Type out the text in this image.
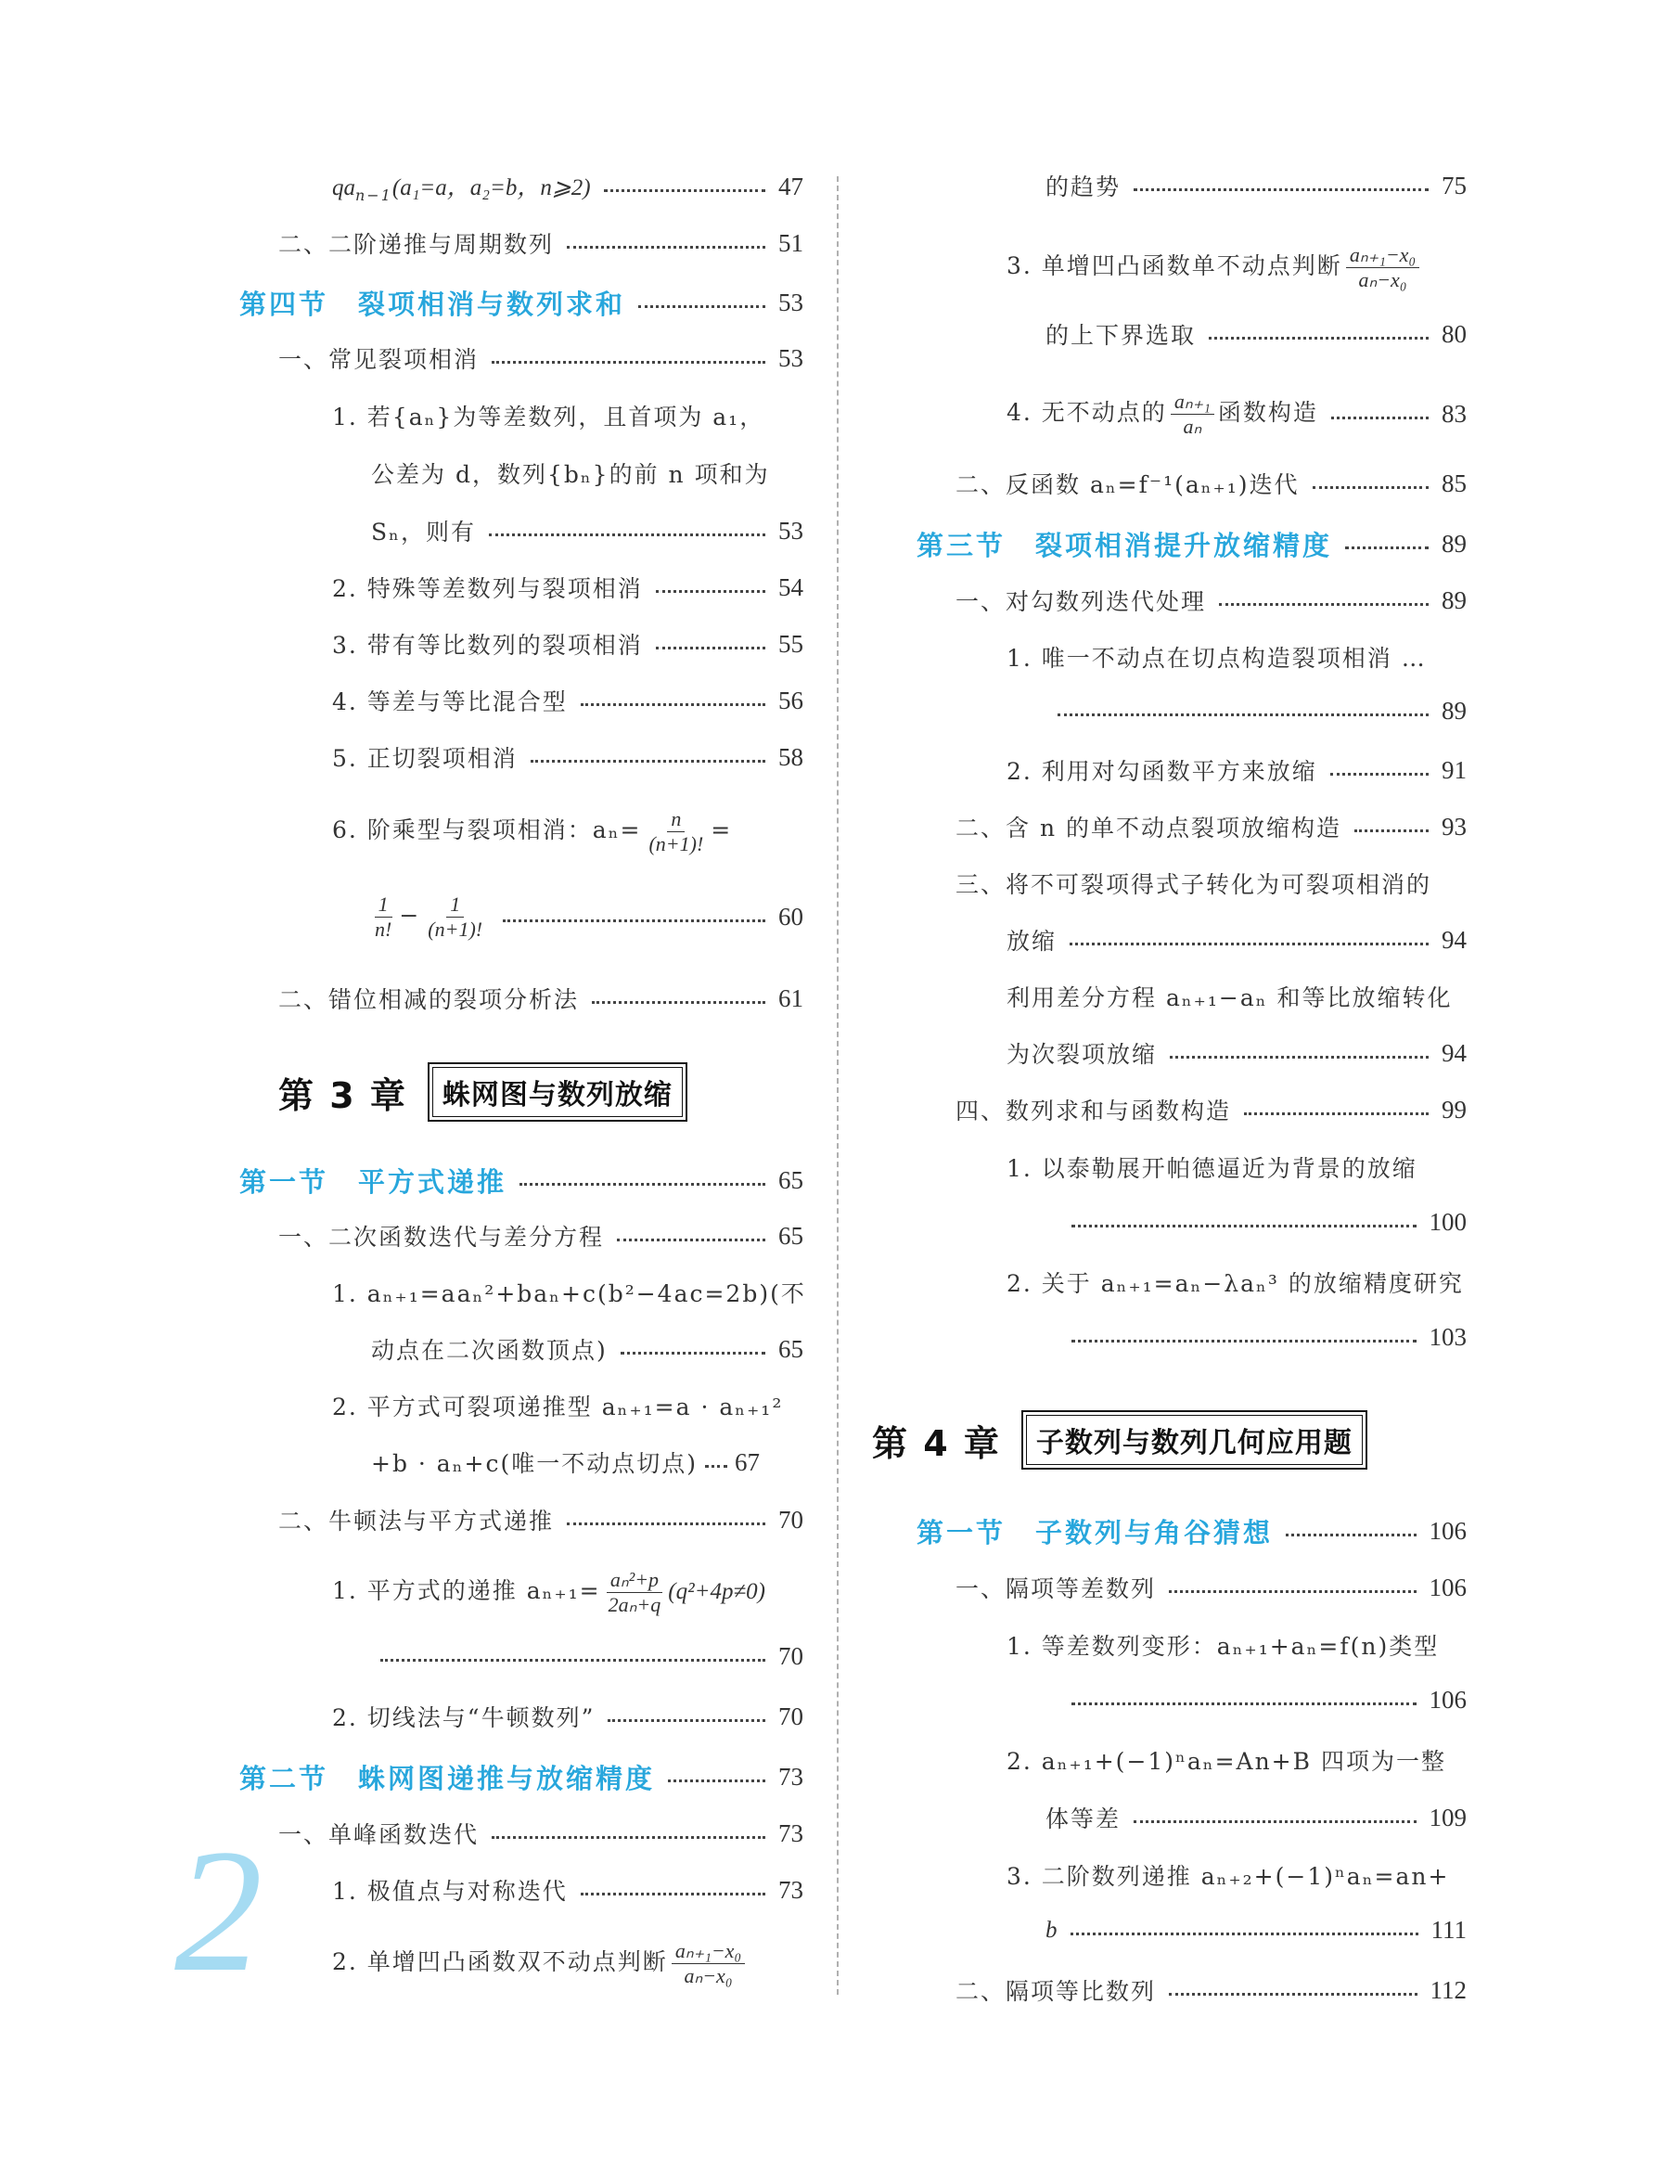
$qa_{n-1}(a_1=a$，a₂=b，n⩾2)	47
二、二阶递推与周期数列	51
第四节　裂项相消与数列求和	53
一、常见裂项相消	53
1. 若{aₙ}为等差数列，且首项为 a₁，
公差为 d，数列{bₙ}的前 n 项和为
Sₙ，则有	53
2. 特殊等差数列与裂项相消	54
3. 带有等比数列的裂项相消	55
4. 等差与等比混合型	56
5. 正切裂项相消	58
6. 阶乘型与裂项相消：$a_n= \frac{n}{(n+1)!}$ =
$\frac{1}{n!} - \frac{1}{(n+1)!}$	60
二、错位相减的裂项分析法	61
第 3 章	蛛网图与数列放缩
第一节　平方式递推	65
一、二次函数迭代与差分方程	65
1. aₙ₊₁=aaₙ²+baₙ+c(b²−4ac=2b)(不
动点在二次函数顶点)	65
2. 平方式可裂项递推型 aₙ₊₁=a · aₙ₊₁²
+b · aₙ+c(唯一不动点切点) 67
二、牛顿法与平方式递推	70
1. 平方式的递推 $a_{n+1}= \frac{\text{aₙ²+p}}{\text{2aₙ+q}} (q^2+4p\ne 0)$
70
2. 切线法与“牛顿数列”	70
第二节　蛛网图递推与放缩精度	73
一、单峰函数迭代	73
1. 极值点与对称迭代	73
2. 单增凹凸函数双不动点判断 $\frac{\text{aₙ₊₁−x₀}}{\text{aₙ−x₀}}$
2
的趋势	75
3. 单增凹凸函数单不动点判断 $\frac{\text{aₙ₊₁−x₀}}{\text{aₙ−x₀}}$
的上下界选取	80
4. 无不动点的 $\frac{\text{aₙ₊₁}}{\text{aₙ}}$ 函数构造	83
二、反函数 aₙ=f⁻¹(aₙ₊₁)迭代	85
第三节　裂项相消提升放缩精度	89
一、对勾数列迭代处理	89
1. 唯一不动点在切点构造裂项相消 …
89
2. 利用对勾函数平方来放缩	91
二、含 n 的单不动点裂项放缩构造	93
三、将不可裂项得式子转化为可裂项相消的
放缩	94
利用差分方程 aₙ₊₁−aₙ 和等比放缩转化
为次裂项放缩	94
四、数列求和与函数构造	99
1. 以泰勒展开帕德逼近为背景的放缩
100
2. 关于 aₙ₊₁=aₙ−λaₙ³ 的放缩精度研究
103
第 4 章	子数列与数列几何应用题
第一节　子数列与角谷猜想	106
一、隔项等差数列	106
1. 等差数列变形：aₙ₊₁+aₙ=f(n)类型
106
2. aₙ₊₁+(−1)ⁿaₙ=An+B 四项为一整
体等差	109
3. 二阶数列递推 aₙ₊₂+(−1)ⁿaₙ=an+
b	111
二、隔项等比数列	112
